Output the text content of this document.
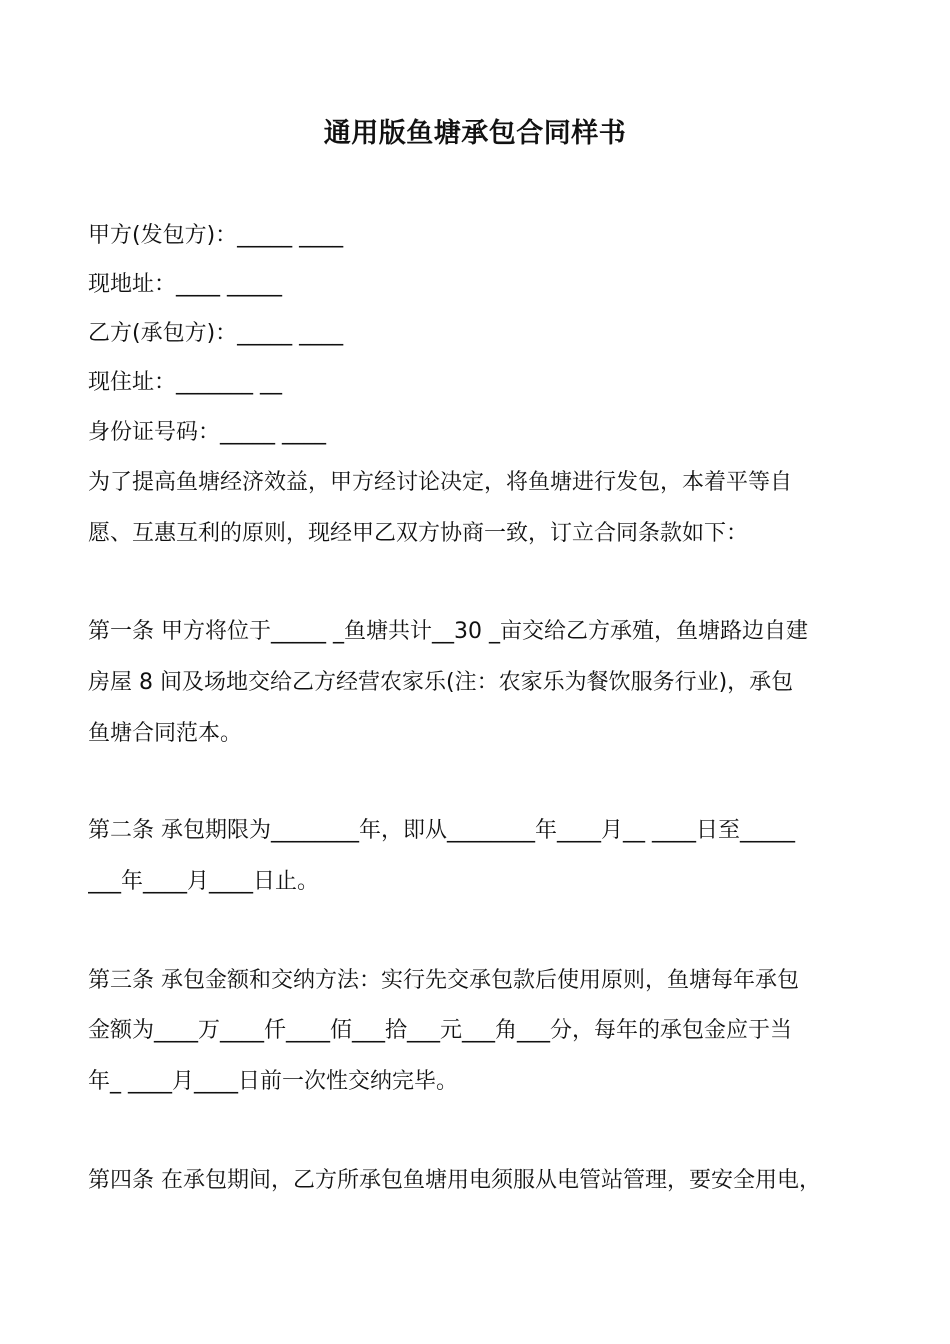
通用版鱼塘承包合同样书
甲方(发包方)：_____ ____
现地址：____ _____
乙方(承包方)：_____ ____
现住址：_______ __
身份证号码：_____ ____
为了提高鱼塘经济效益，甲方经讨论决定，将鱼塘进行发包，本着平等自
愿、互惠互利的原则，现经甲乙双方协商一致，订立合同条款如下：
第一条 甲方将位于_____ _鱼塘共计__30 _亩交给乙方承殖，鱼塘路边自建
房屋 8 间及场地交给乙方经营农家乐(注：农家乐为餐饮服务行业)，承包
鱼塘合同范本。
第二条 承包期限为________年，即从________年____月__ ____日至_____
___年____月____日止。
第三条 承包金额和交纳方法：实行先交承包款后使用原则，鱼塘每年承包
金额为____万____仟____佰___拾___元___角___分，每年的承包金应于当
年_ ____月____日前一次性交纳完毕。
第四条 在承包期间，乙方所承包鱼塘用电须服从电管站管理，要安全用电，
